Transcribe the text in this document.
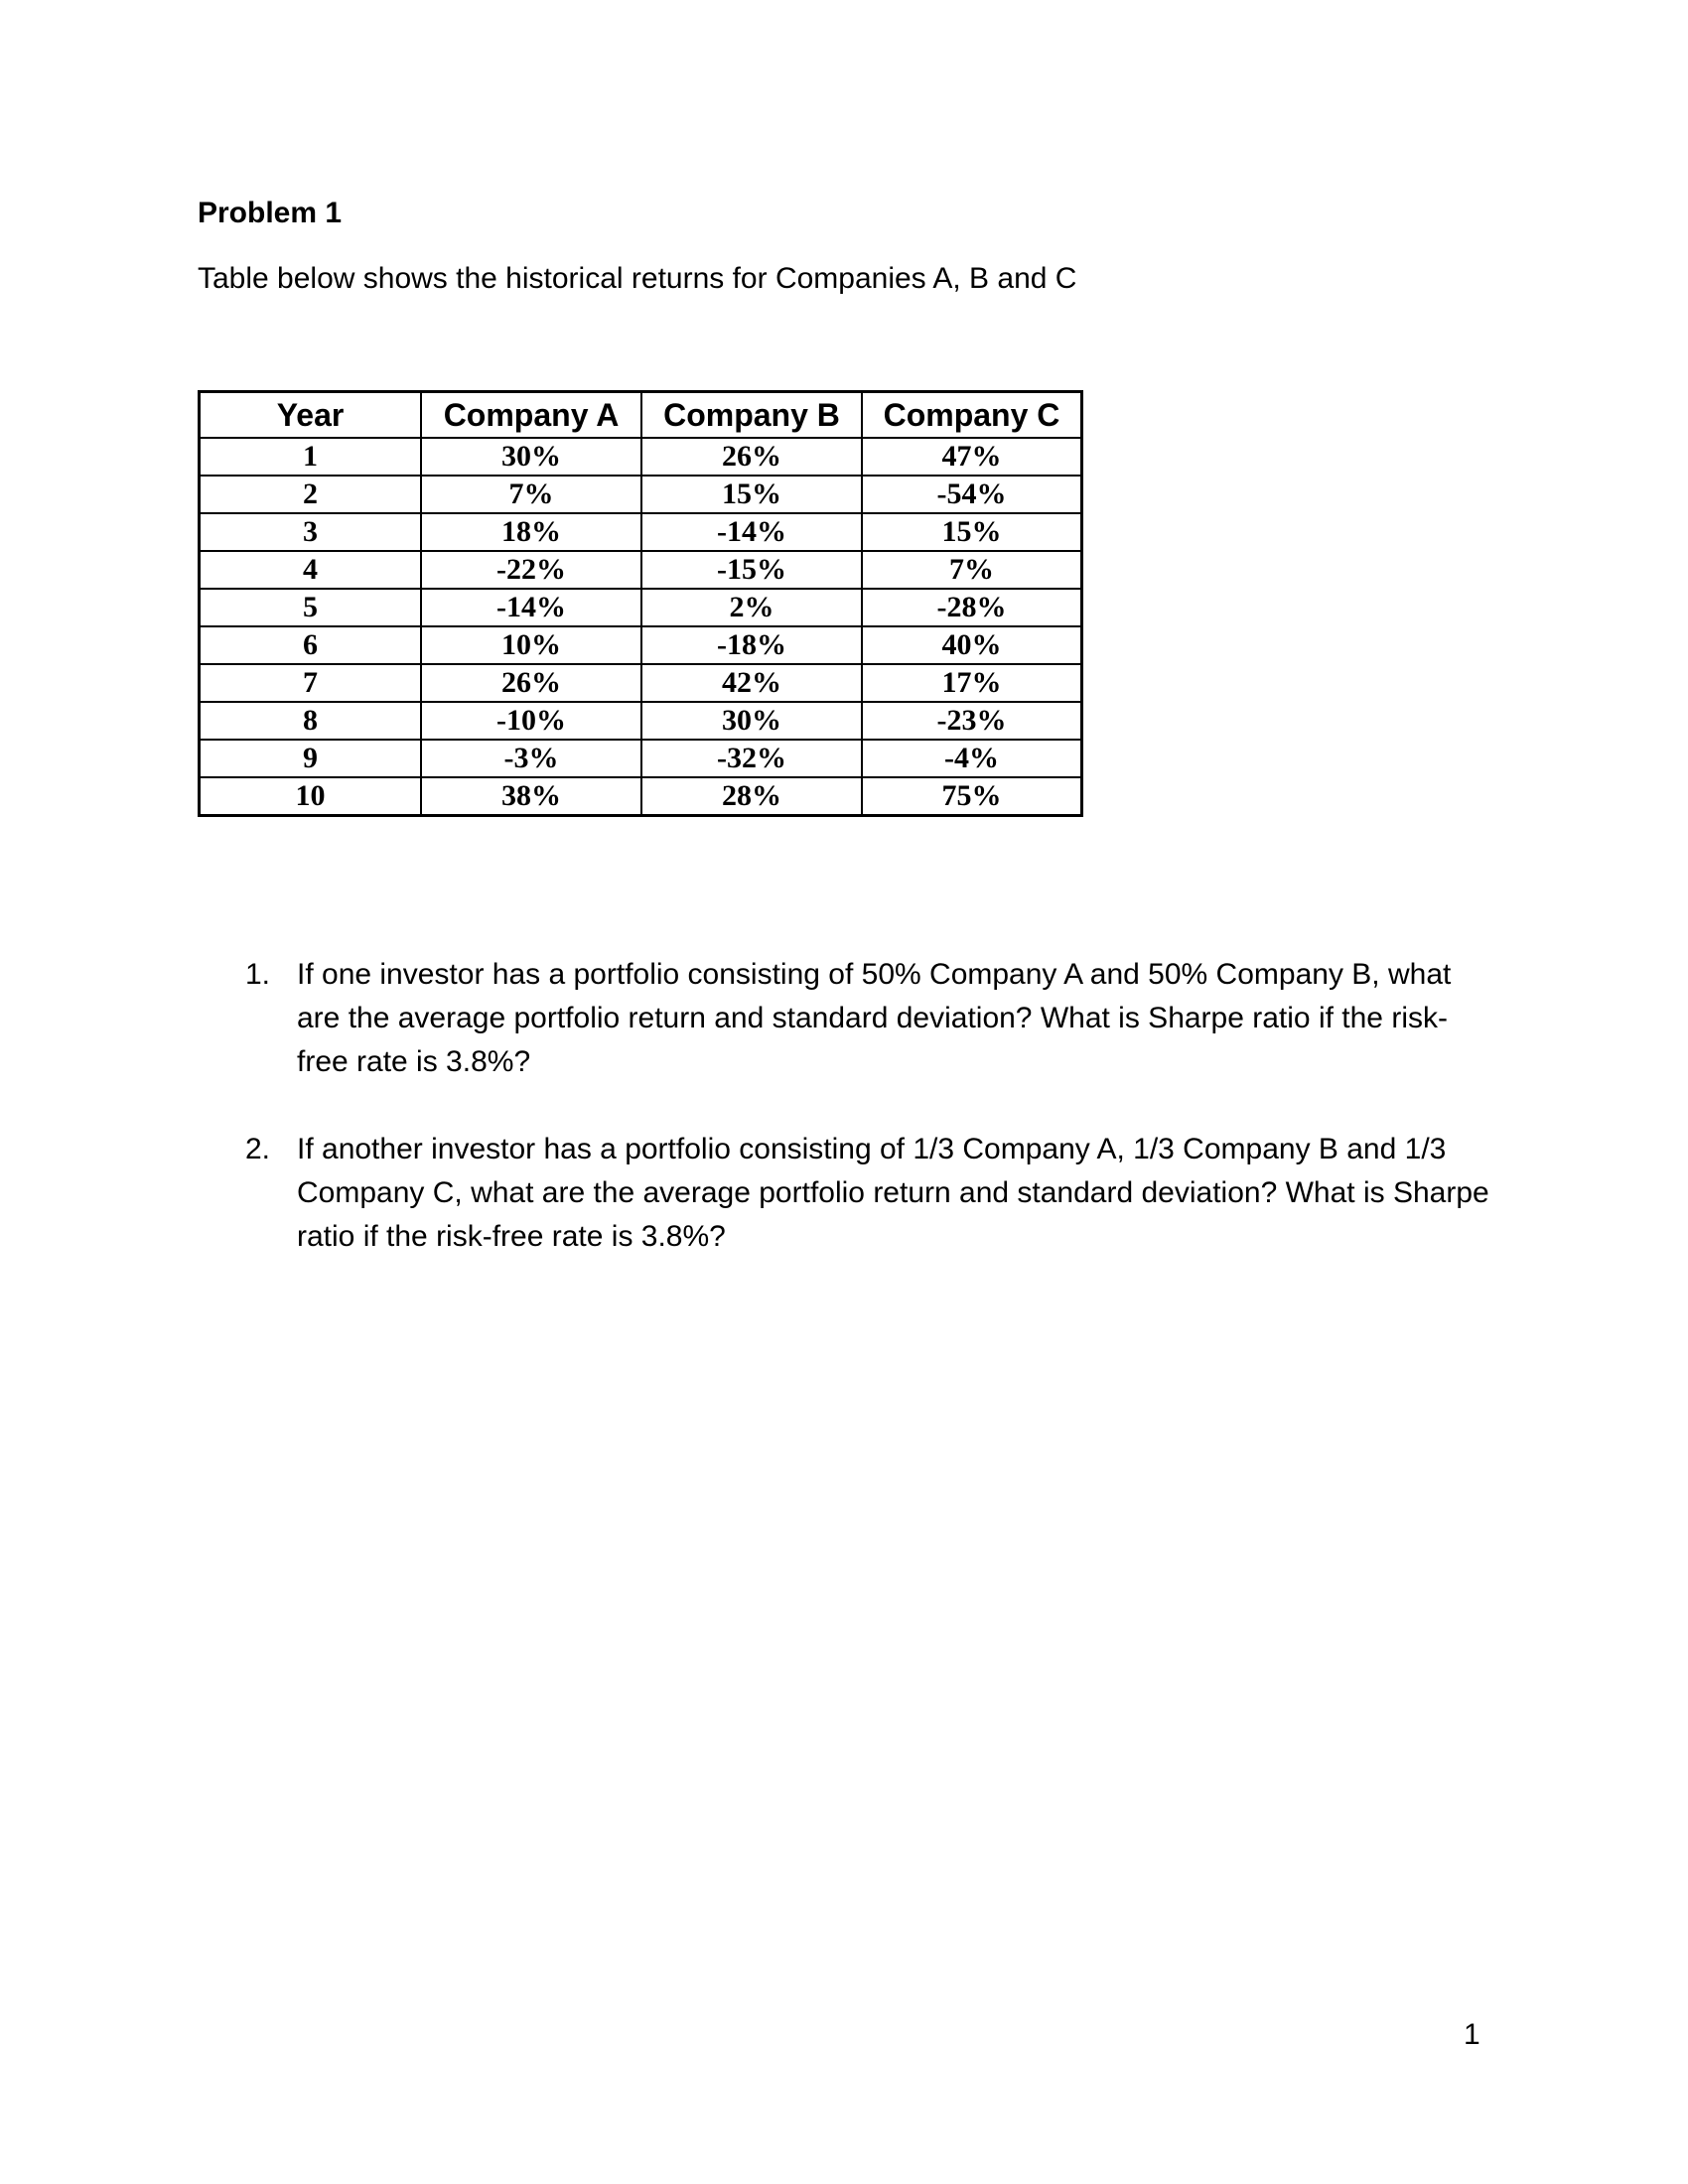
Problem 1
Table below shows the historical returns for Companies A, B and C
Year	Company A	Company B	Company C
1	30%	26%	47%
2	7%	15%	-54%
3	18%	-14%	15%
4	-22%	-15%	7%
5	-14%	2%	-28%
6	10%	-18%	40%
7	26%	42%	17%
8	-10%	30%	-23%
9	-3%	-32%	-4%
10	38%	28%	75%
1. If one investor has a portfolio consisting of 50% Company A and 50% Company B, what are the average portfolio return and standard deviation? What is Sharpe ratio if the risk-free rate is 3.8%?
2. If another investor has a portfolio consisting of 1/3 Company A, 1/3 Company B and 1/3 Company C, what are the average portfolio return and standard deviation? What is Sharpe ratio if the risk-free rate is 3.8%?
1
